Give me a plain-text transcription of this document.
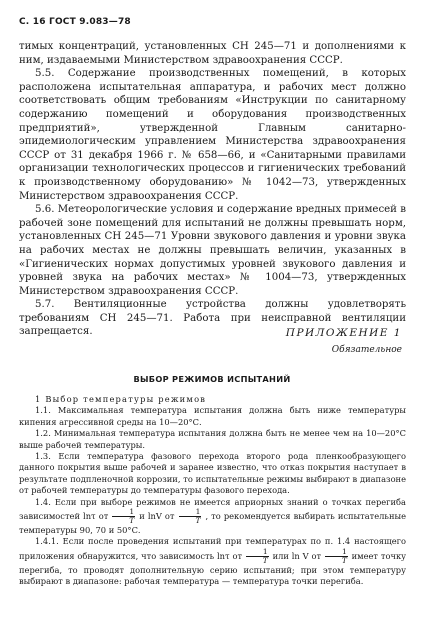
С. 16 ГОСТ 9.083—78

тимых концентраций, установленных СН 245—71 и дополнениями к ним, издаваемыми Министерством здравоохранения СССР.

5.5. Содержание производственных помещений, в которых расположена испытательная аппаратура, и рабочих мест должно соответствовать общим требованиям «Инструкции по санитарному содержанию помещений и оборудования производственных предприятий», утвержденной Главным санитарно-эпидемиологическим управлением Министерства здравоохранения СССР от 31 декабря 1966 г. № 658—66, и «Санитарными правилами организации технологических процессов и гигиенических требований к производственному оборудованию» № 1042—73, утвержденных Министерством здравоохранения СССР.

5.6. Метеорологические условия и содержание вредных примесей в рабочей зоне помещений для испытаний не должны превышать норм, установленных СН 245—71 Уровни звукового давления и уровни звука на рабочих местах не должны превышать величин, указанных в «Гигиенических нормах допустимых уровней звукового давления и уровней звука на рабочих местах» № 1004—73, утвержденных Министерством здравоохранения СССР.

5.7. Вентиляционные устройства должны удовлетворять требованиям СН 245—71. Работа при неисправной вентиляции запрещается.	ПРИЛОЖЕНИЕ 1
Обязательное
ВЫБОР РЕЖИМОВ ИСПЫТАНИЙ

1 Выбор температуры режимов

1.1. Максимальная температура испытания должна быть ниже температуры кипения агрессивной среды на 10—20°С.

1.2. Минимальная температура испытания должна быть не менее чем на 10—20°С выше рабочей температуры.

1.3. Если температура фазового перехода второго рода пленкообразующего данного покрытия выше рабочей и заранее известно, что отказ покрытия наступает в результате подпленочной коррозии, то испытательные режимы выбирают в диапазоне от рабочей температуры до температуры фазового перехода.

1.4. Если при выборе режимов не имеется априорных знаний о точках перегиба зависимостей lnτ от $\frac{1}{T}$ и lnV от $\frac{1}{T}$ , то рекомендуется выбирать испытательные температуры 90, 70 и 50°С.

1.4.1. Если после проведения испытаний при температурах по п. 1.4 настоящего приложения обнаружится, что зависимость lnτ от $\frac{1}{T}$ или ln V от $\frac{1}{T}$ имеет точку перегиба, то проводят дополнительную серию испытаний; при этом температуру выбирают в диапазоне: рабочая температура — температура точки перегиба.
